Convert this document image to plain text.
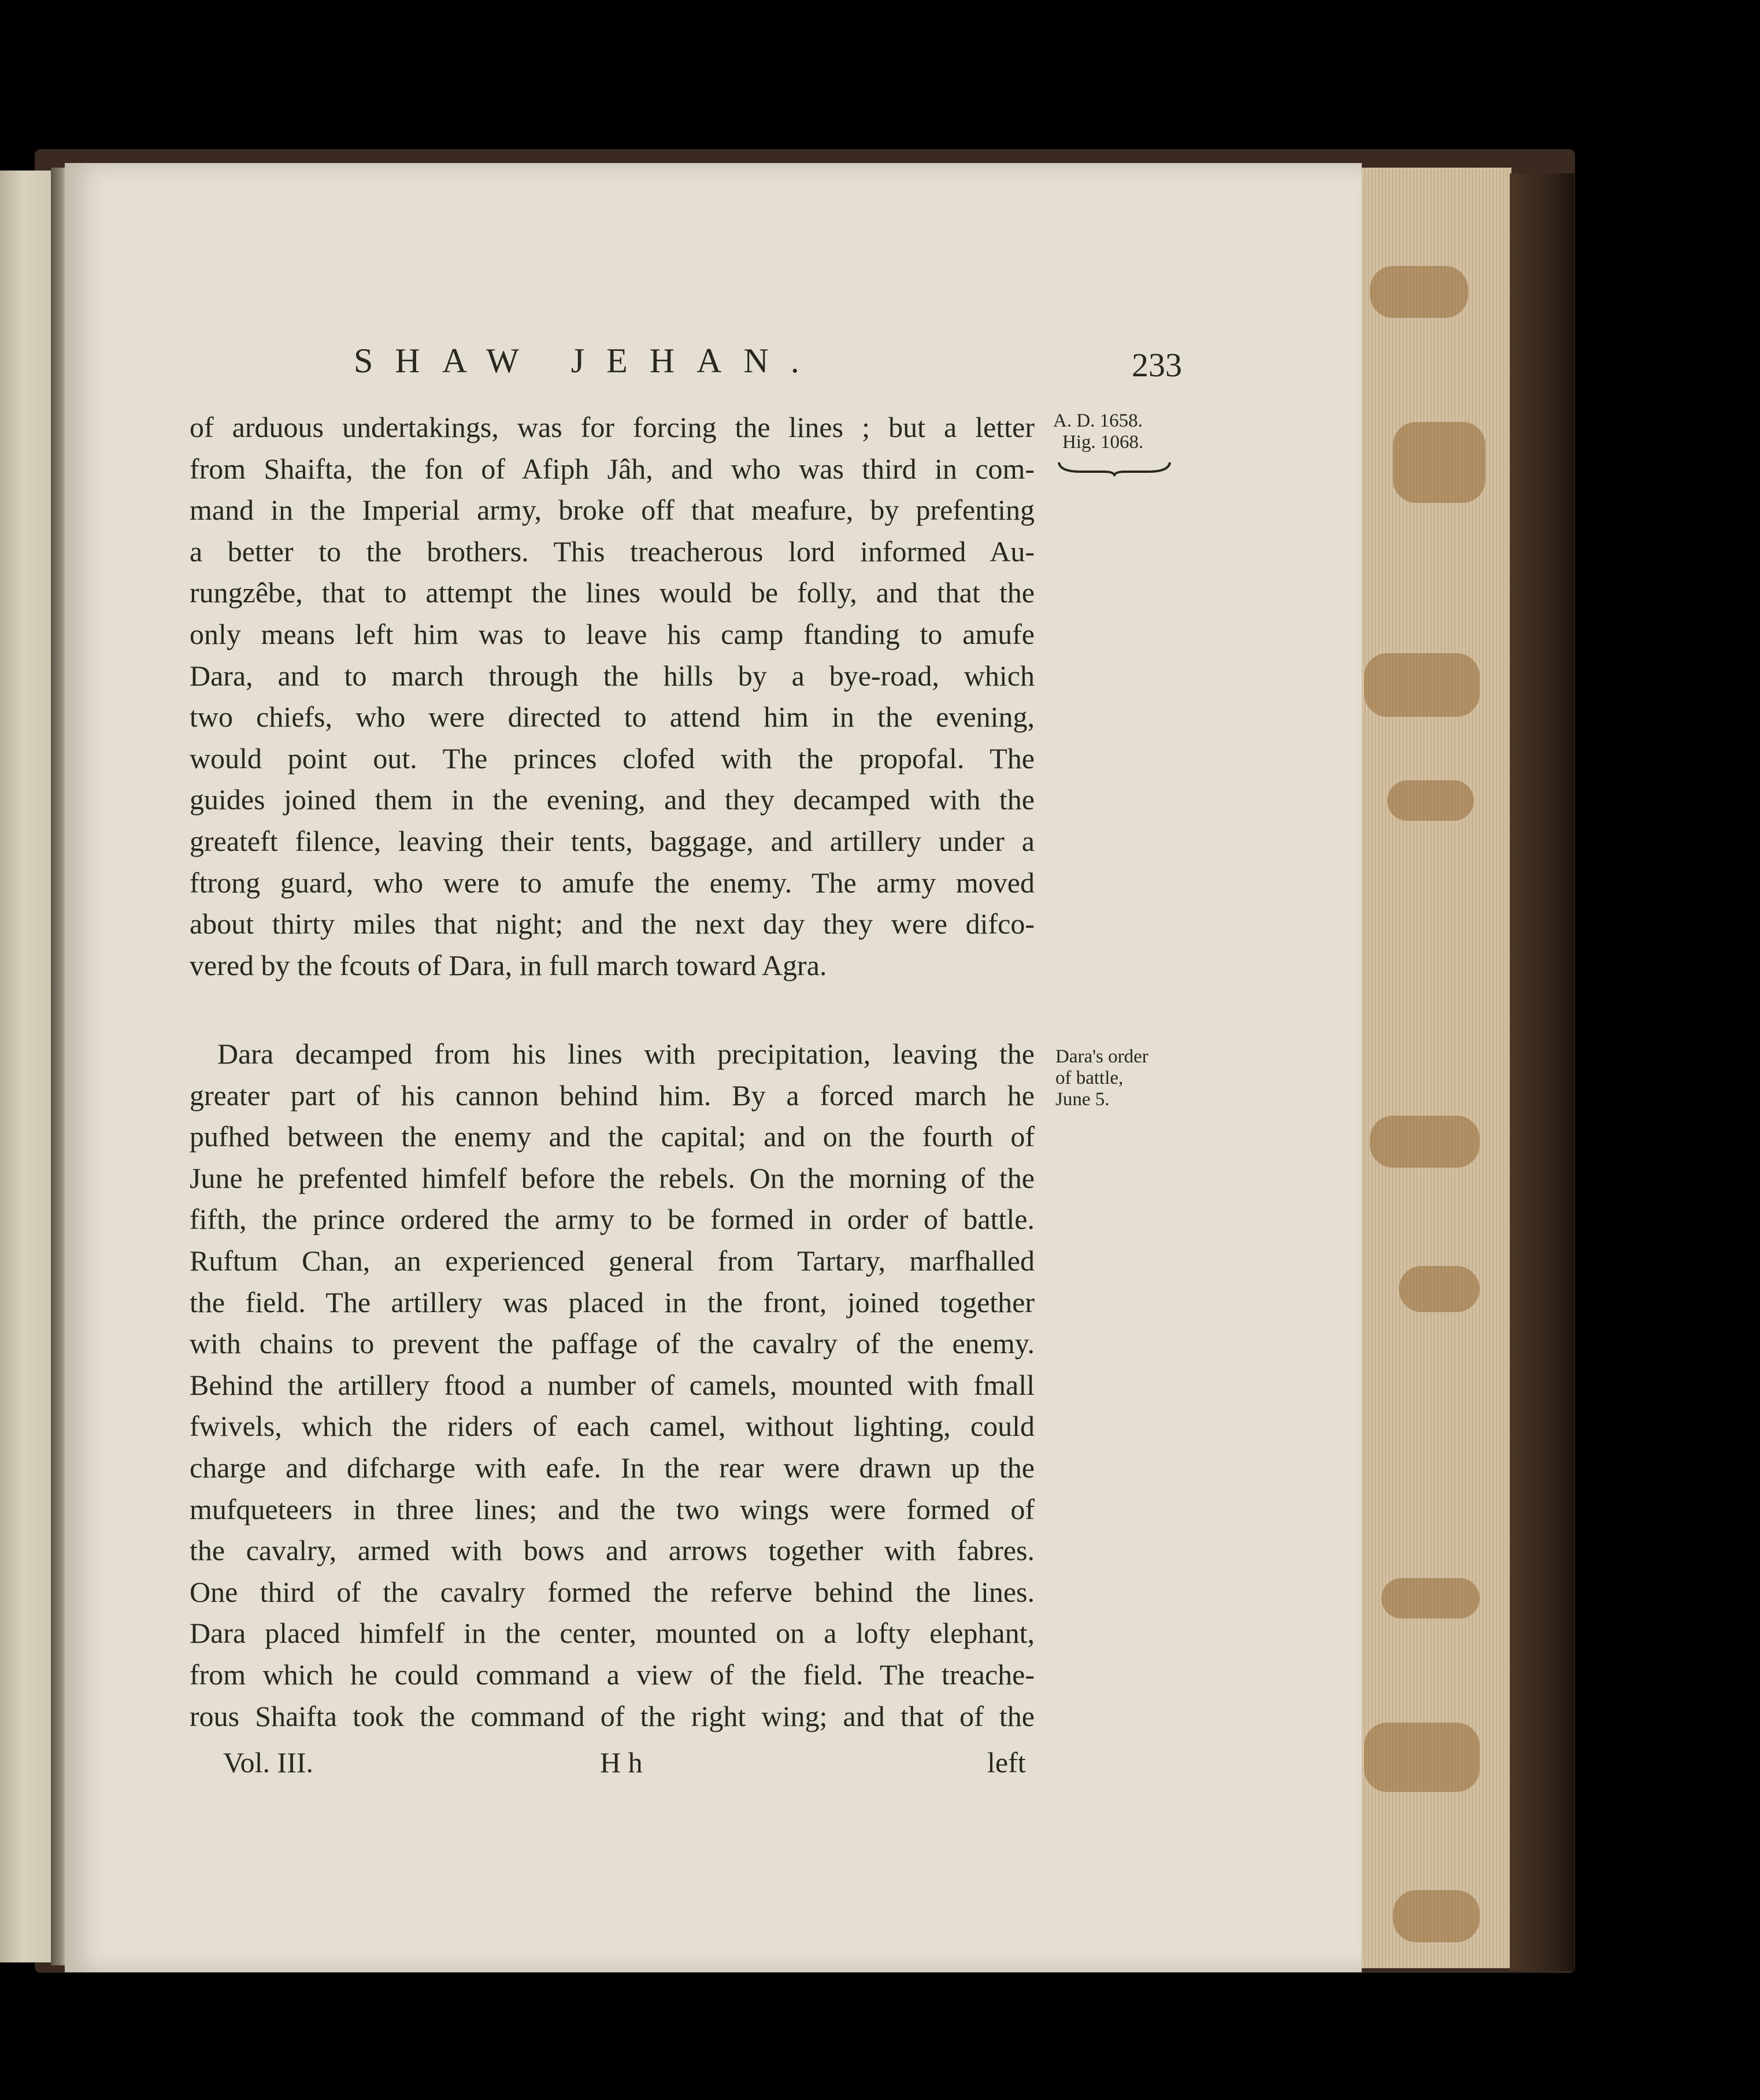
SHAW JEHAN.	233
A. D. 1658.
Hig. 1068.
Dara's order
of battle,
June 5.
of arduous undertakings, was for forcing the lines ; but a letter
from Shaifta, the fon of Afiph Jâh, and who was third in com-
mand in the Imperial army, broke off that meafure, by prefenting
a better to the brothers. This treacherous lord informed Au-
rungzêbe, that to attempt the lines would be folly, and that the
only means left him was to leave his camp ftanding to amufe
Dara, and to march through the hills by a bye-road, which
two chiefs, who were directed to attend him in the evening,
would point out. The princes clofed with the propofal. The
guides joined them in the evening, and they decamped with the
greateft filence, leaving their tents, baggage, and artillery under a
ftrong guard, who were to amufe the enemy. The army moved
about thirty miles that night; and the next day they were difco-
vered by the fcouts of Dara, in full march toward Agra.
Dara decamped from his lines with precipitation, leaving the
greater part of his cannon behind him. By a forced march he
pufhed between the enemy and the capital; and on the fourth of
June he prefented himfelf before the rebels. On the morning of the
fifth, the prince ordered the army to be formed in order of battle.
Ruftum Chan, an experienced general from Tartary, marfhalled
the field. The artillery was placed in the front, joined together
with chains to prevent the paffage of the cavalry of the enemy.
Behind the artillery ftood a number of camels, mounted with fmall
fwivels, which the riders of each camel, without lighting, could
charge and difcharge with eafe. In the rear were drawn up the
mufqueteers in three lines; and the two wings were formed of
the cavalry, armed with bows and arrows together with fabres.
One third of the cavalry formed the referve behind the lines.
Dara placed himfelf in the center, mounted on a lofty elephant,
from which he could command a view of the field. The treache-
rous Shaifta took the command of the right wing; and that of the
Vol. III.	H h	left
